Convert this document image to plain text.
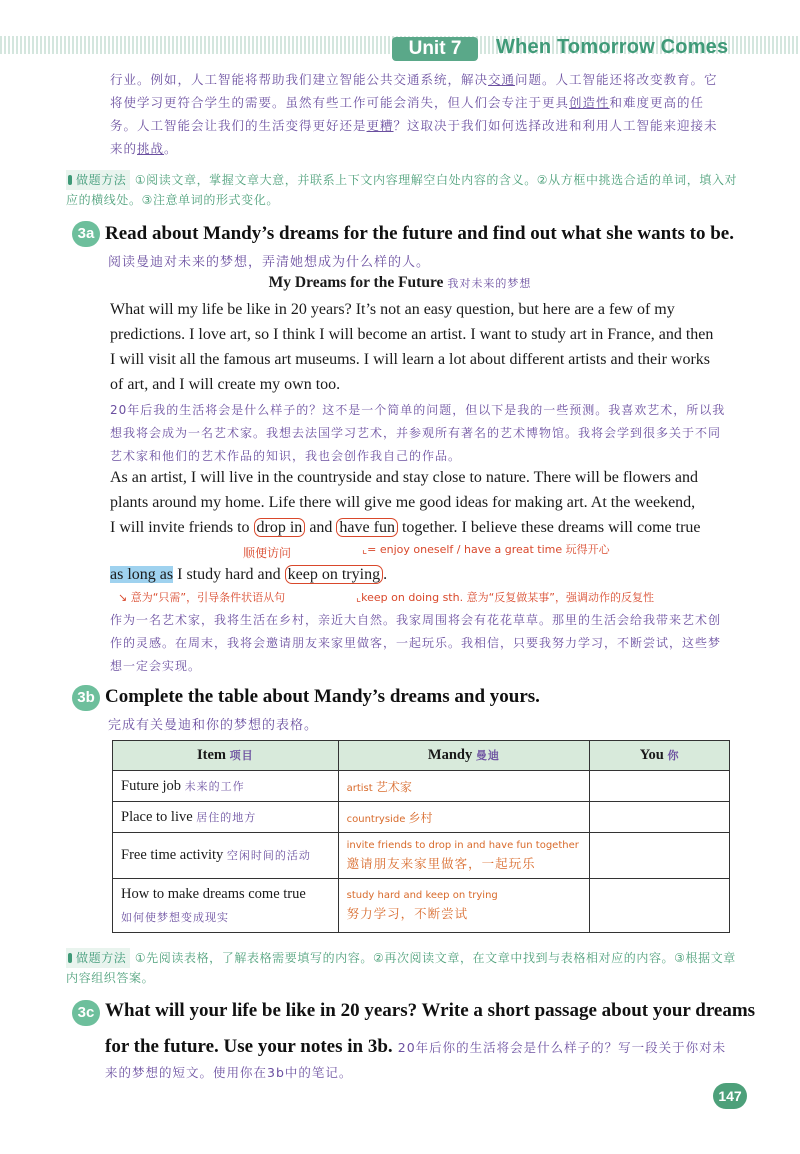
Unit 7	When Tomorrow Comes
行业。例如，人工智能将帮助我们建立智能公共交通系统，解决交通问题。人工智能还将改变教育。它将使学习更符合学生的需要。虽然有些工作可能会消失，但人们会专注于更具创造性和难度更高的任务。人工智能会让我们的生活变得更好还是更糟？这取决于我们如何选择改进和利用人工智能来迎接未来的挑战。
做题方法 ①阅读文章，掌握文章大意，并联系上下文内容理解空白处内容的含义。②从方框中挑选合适的单词，填入对应的横线处。③注意单词的形式变化。
3a Read about Mandy’s dreams for the future and find out what she wants to be.
阅读曼迪对未来的梦想，弄清她想成为什么样的人。
My Dreams for the Future 我对未来的梦想
What will my life be like in 20 years? It’s not an easy question, but here are a few of my
predictions. I love art, so I think I will become an artist. I want to study art in France, and then
I will visit all the famous art museums. I will learn a lot about different artists and their works
of art, and I will create my own too.
20年后我的生活将会是什么样子的？这不是一个简单的问题，但以下是我的一些预测。我喜欢艺术，所以我想我将会成为一名艺术家。我想去法国学习艺术，并参观所有著名的艺术博物馆。我将会学到很多关于不同艺术家和他们的艺术作品的知识，我也会创作我自己的作品。
As an artist, I will live in the countryside and stay close to nature. There will be flowers and
plants around my home. Life there will give me good ideas for making art. At the weekend,
I will invite friends to drop in and have fun together. I believe these dreams will come true
顺便访问	⌞= enjoy oneself / have a great time 玩得开心
as long as I study hard and keep on trying .
↘ 意为“只需”，引导条件状语从句	⌞keep on doing sth. 意为“反复做某事”，强调动作的反复性
作为一名艺术家，我将生活在乡村，亲近大自然。我家周围将会有花花草草。那里的生活会给我带来艺术创作的灵感。在周末，我将会邀请朋友来家里做客，一起玩乐。我相信，只要我努力学习，不断尝试，这些梦想一定会实现。
3b Complete the table about Mandy’s dreams and yours.
完成有关曼迪和你的梦想的表格。
Item 项目	Mandy 曼迪	You 你
Future job 未来的工作	artist 艺术家	
Place to live 居住的地方	countryside 乡村	
Free time activity 空闲时间的活动	invite friends to drop in and have fun together
邀请朋友来家里做客，一起玩乐	

How to make dreams come true
如何使梦想变成现实	study hard and keep on trying
努力学习，不断尝试	

做题方法 ①先阅读表格，了解表格需要填写的内容。②再次阅读文章，在文章中找到与表格相对应的内容。③根据文章内容组织答案。
3c What will your life be like in 20 years? Write a short passage about your dreams
for the future. Use your notes in 3b. 20年后你的生活将会是什么样子的？写一段关于你对未来的梦想的短文。使用你在3b中的笔记。
147
